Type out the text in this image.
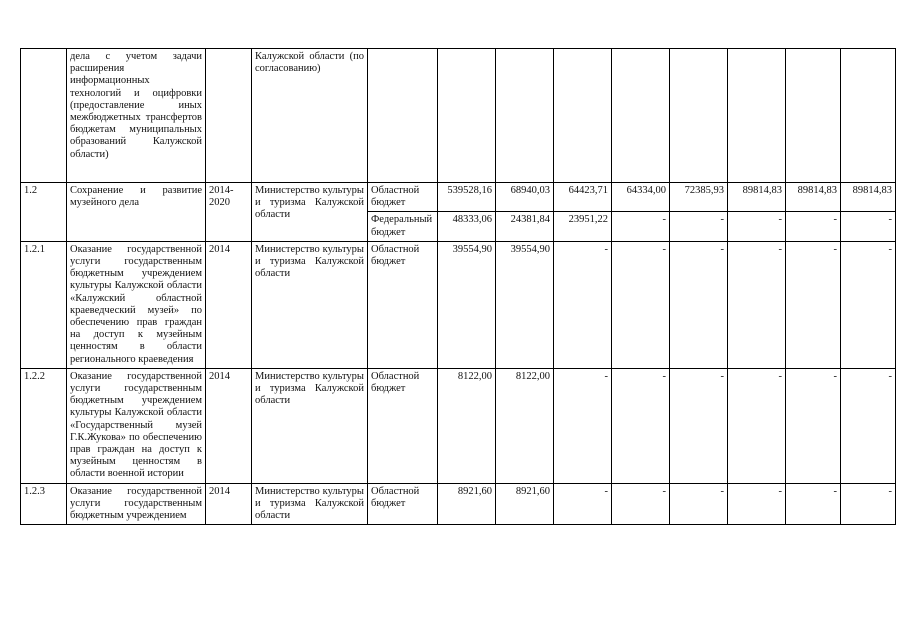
	дела с учетом задачи расширения информационных технологий и оцифровки (предоставление иных межбюджетных трансфертов бюджетам муниципальных образований Калужской области)		Калужской области (по согласованию)									
1.2	Сохранение и развитие музейного дела	2014-2020	Министерство культуры и туризма Калужской области	Областной бюджет	539528,16	68940,03	64423,71	64334,00	72385,93	89814,83	89814,83	89814,83
				Федеральный бюджет	48333,06	24381,84	23951,22	-	-	-	-	-
1.2.1	Оказание государственной услуги государственным бюджетным учреждением культуры Калужской области «Калужский областной краеведческий музей» по обеспечению прав граждан на доступ к музейным ценностям в области регионального краеведения	2014	Министерство культуры и туризма Калужской области	Областной бюджет	39554,90	39554,90	-	-	-	-	-	-
1.2.2	Оказание государственной услуги государственным бюджетным учреждением культуры Калужской области «Государственный музей Г.К.Жукова» по обеспечению прав граждан на доступ к музейным ценностям в области военной истории	2014	Министерство культуры и туризма Калужской области	Областной бюджет	8122,00	8122,00	-	-	-	-	-	-
1.2.3	Оказание государственной услуги государственным бюджетным учреждением	2014	Министерство культуры и туризма Калужской области	Областной бюджет	8921,60	8921,60	-	-	-	-	-	-
